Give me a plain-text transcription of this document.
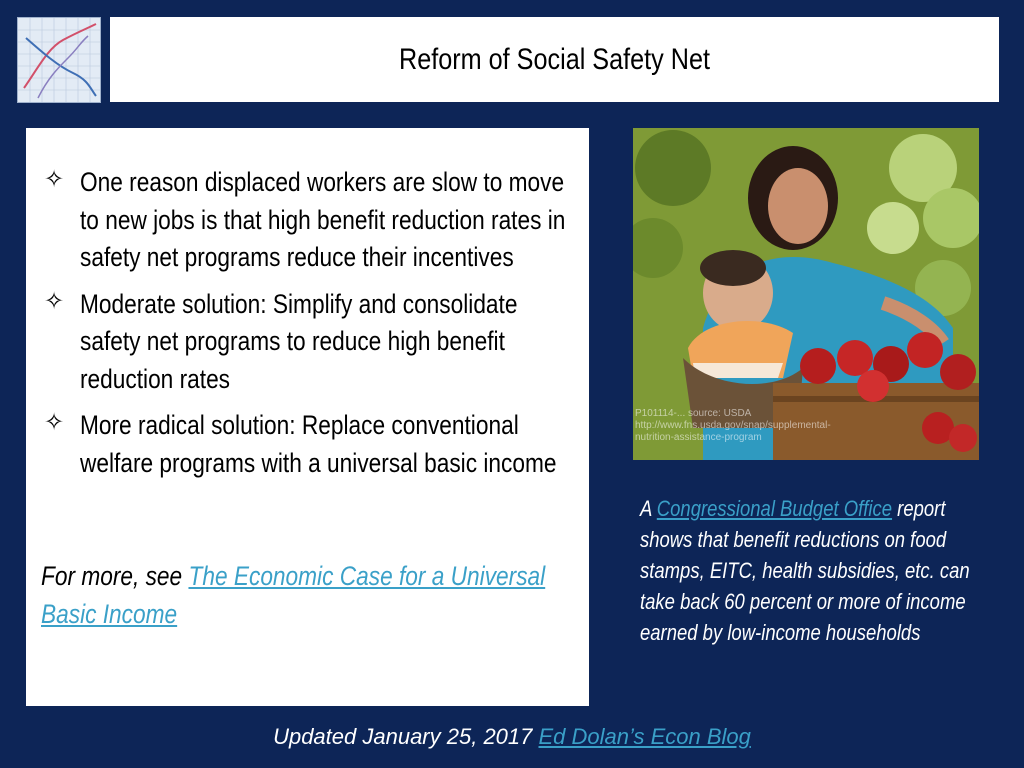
Reform of Social Safety Net
✧ One reason displaced workers are slow to move to new jobs is that high benefit reduction rates in safety net programs reduce their incentives
✧ Moderate solution: Simplify and consolidate safety net programs to reduce high benefit reduction rates
✧ More radical solution: Replace conventional welfare programs with a universal basic income
For more, see The Economic Case for a Universal Basic Income
P101114-... source: USDA
http://www.fns.usda.gov/snap/supplemental-
nutrition-assistance-program
A Congressional Budget Office report shows that benefit reductions on food stamps, EITC, health subsidies, etc. can take back 60 percent or more of income earned by low-income households
Updated January 25, 2017 Ed Dolan’s Econ Blog
